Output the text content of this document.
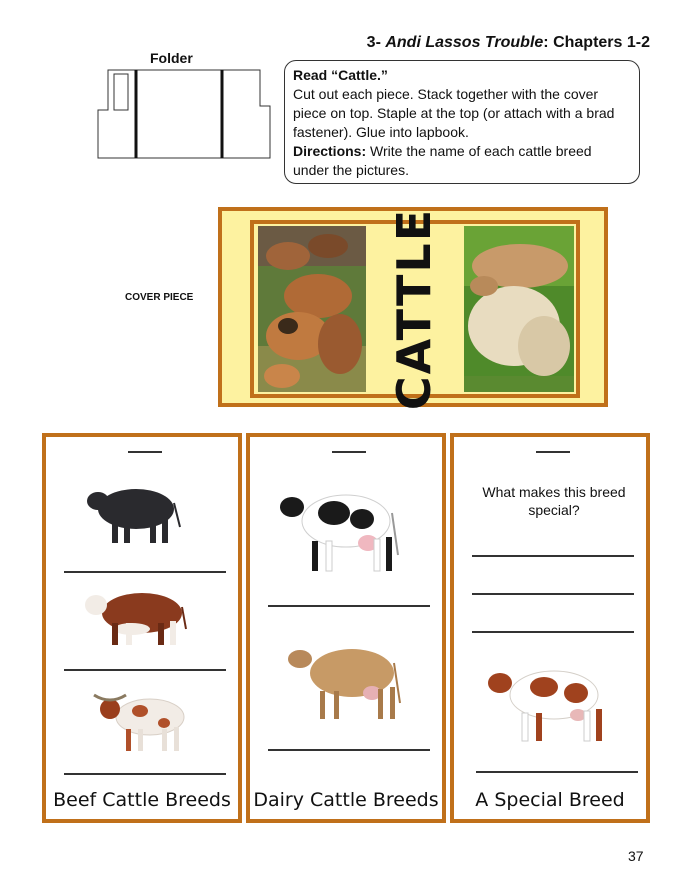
3- Andi Lassos Trouble: Chapters 1-2
Folder
Read “Cattle.”
Cut out each piece. Stack together with the cover piece on top. Staple at the top (or attach with a brad fastener). Glue into lapbook.
Directions: Write the name of each cattle breed under the pictures.
COVER PIECE	CATTLE
Beef Cattle Breeds	Dairy Cattle Breeds
What makes this breed special?
A Special Breed
37
